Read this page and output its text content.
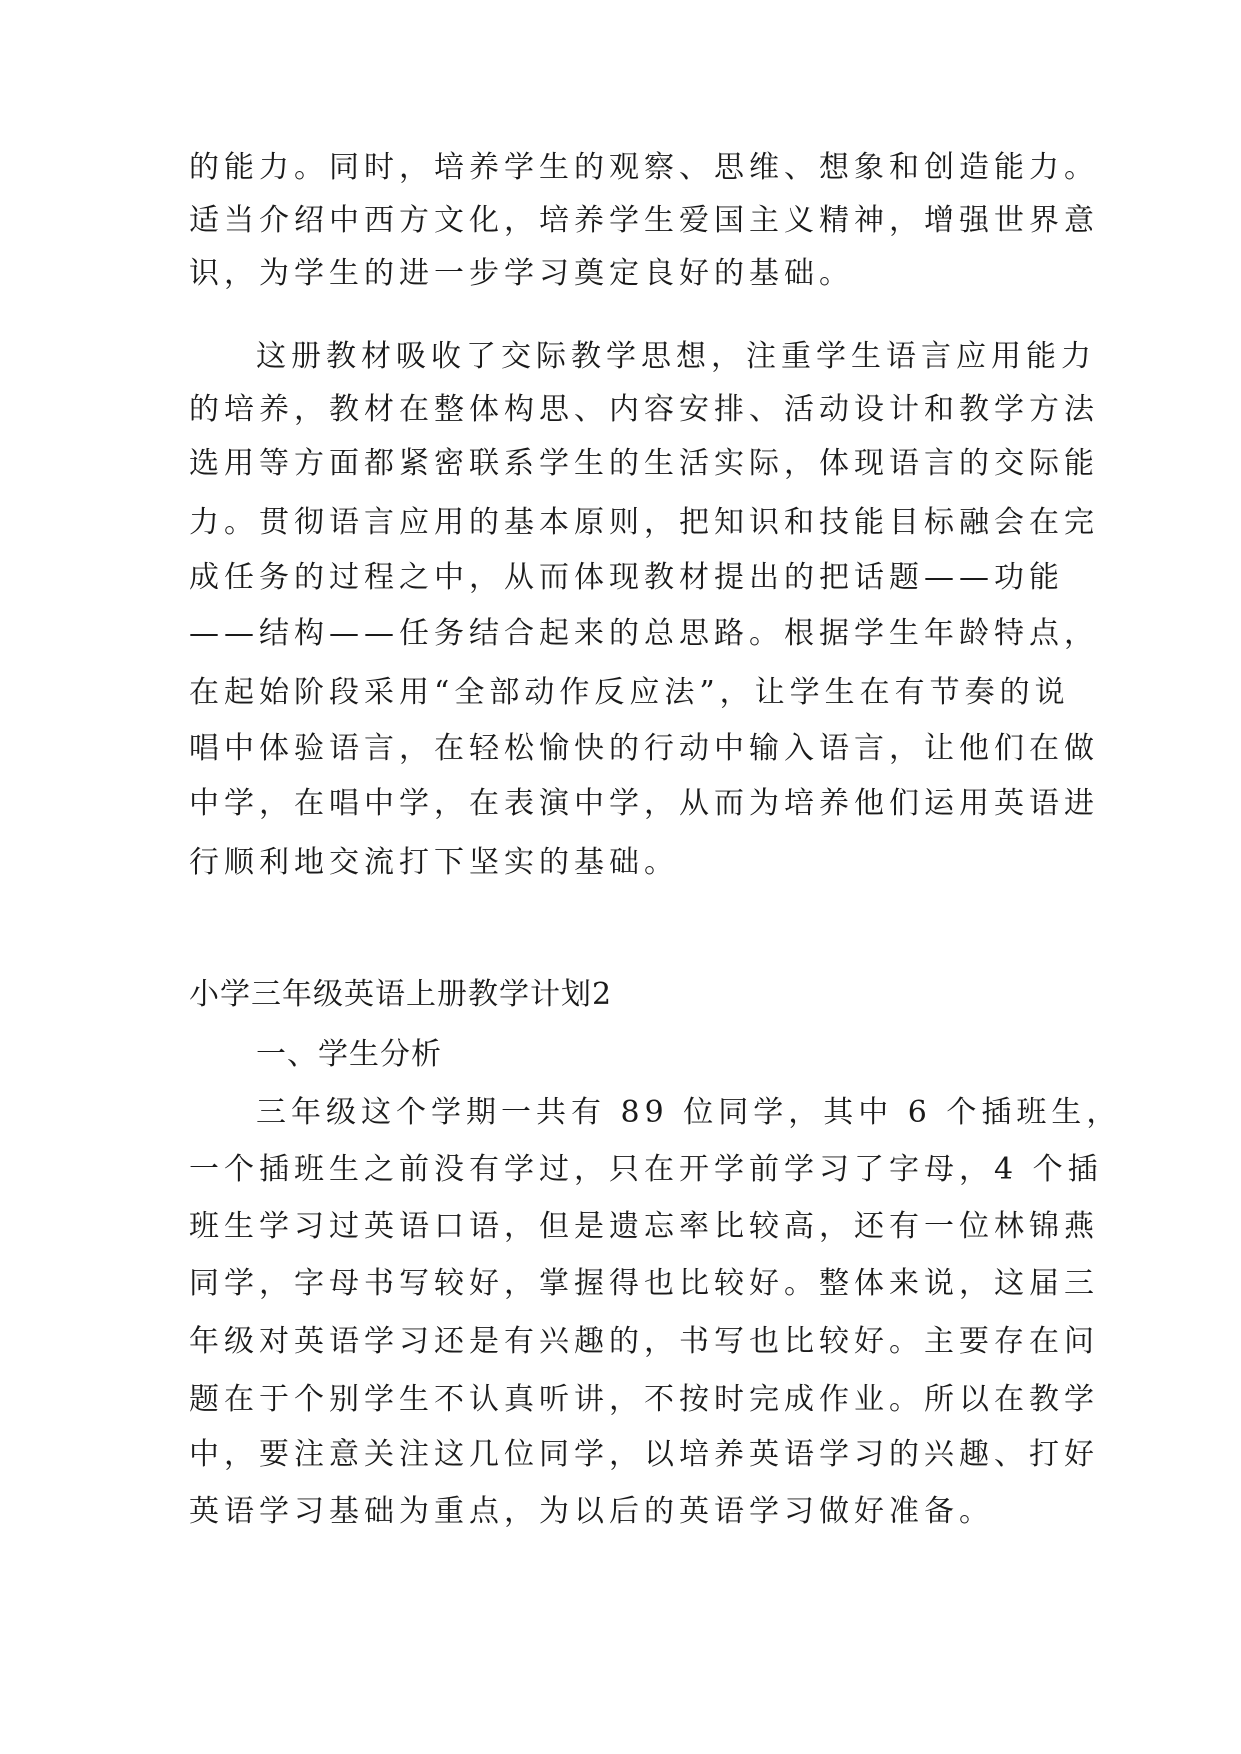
的能力。同时，培养学生的观察、思维、想象和创造能力。
适当介绍中西方文化，培养学生爱国主义精神，增强世界意
识，为学生的进一步学习奠定良好的基础。
这册教材吸收了交际教学思想，注重学生语言应用能力
的培养，教材在整体构思、内容安排、活动设计和教学方法
选用等方面都紧密联系学生的生活实际，体现语言的交际能
力。贯彻语言应用的基本原则，把知识和技能目标融会在完
成任务的过程之中，从而体现教材提出的把话题——功能
——结构——任务结合起来的总思路。根据学生年龄特点，
在起始阶段采用“全部动作反应法”，让学生在有节奏的说
唱中体验语言，在轻松愉快的行动中输入语言，让他们在做
中学，在唱中学，在表演中学，从而为培养他们运用英语进
行顺利地交流打下坚实的基础。
小学三年级英语上册教学计划2
一、学生分析
三年级这个学期一共有 89 位同学，其中 6 个插班生，
一个插班生之前没有学过，只在开学前学习了字母，4 个插
班生学习过英语口语，但是遗忘率比较高，还有一位林锦燕
同学，字母书写较好，掌握得也比较好。整体来说，这届三
年级对英语学习还是有兴趣的，书写也比较好。主要存在问
题在于个别学生不认真听讲，不按时完成作业。所以在教学
中，要注意关注这几位同学，以培养英语学习的兴趣、打好
英语学习基础为重点，为以后的英语学习做好准备。
